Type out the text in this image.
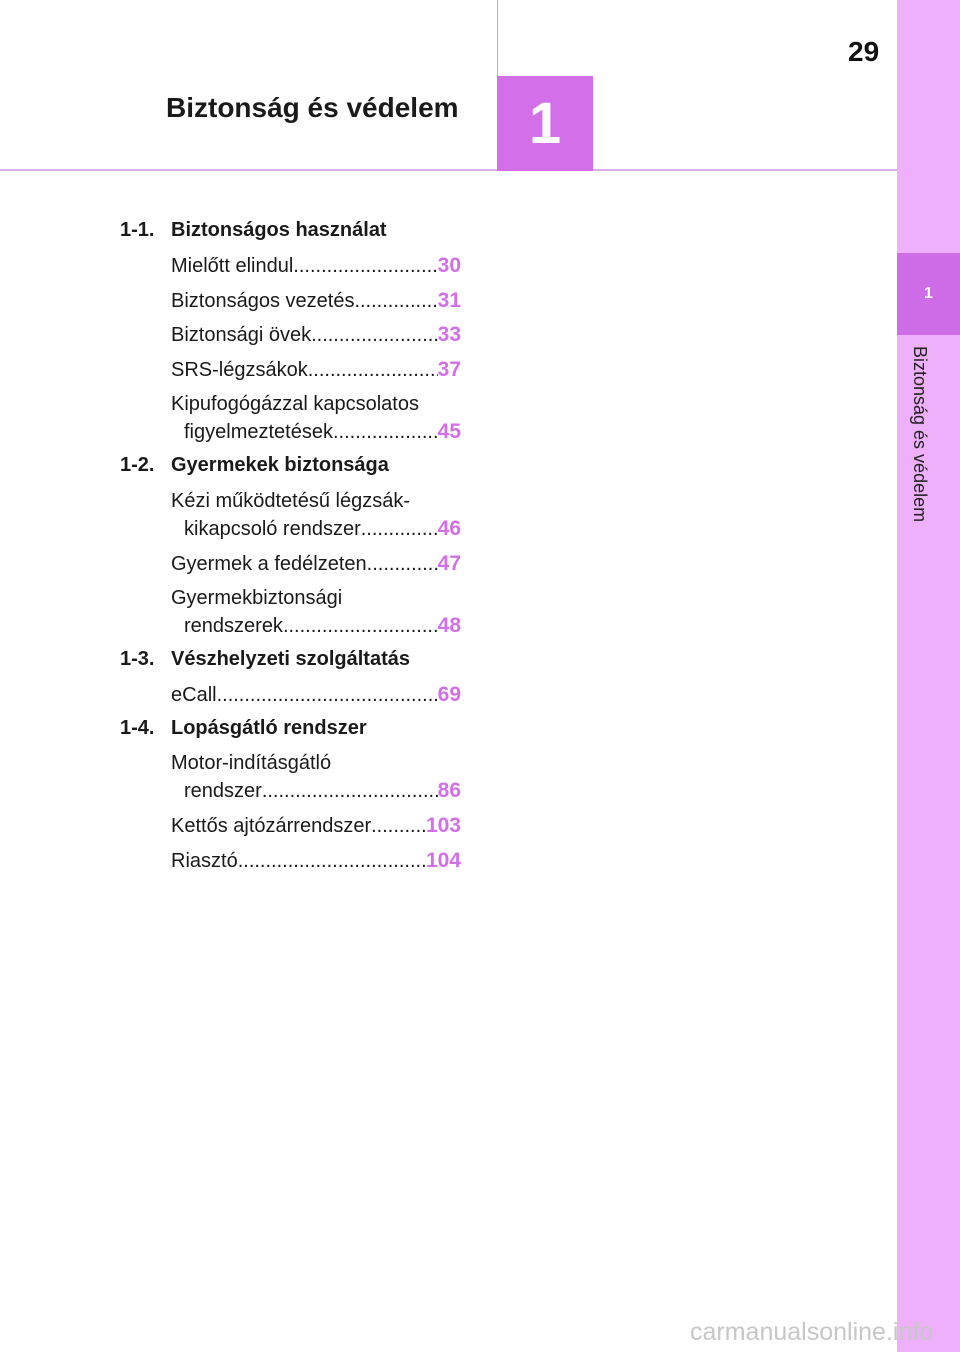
Biztonság és védelem	1
29
1
Biztonság és védelem
1-1. Biztonságos használat
Mielőtt elindul .....	30
Biztonságos vezetés .....	31
Biztonsági övek .....	33
SRS-légzsákok .....	37
Kipufogógázzal kapcsolatos
figyelmeztetések .....	45
1-2. Gyermekek biztonsága
Kézi működtetésű légzsák-
kikapcsoló rendszer .....	46
Gyermek a fedélzeten .....	47
Gyermekbiztonsági
rendszerek .....	48
1-3. Vészhelyzeti szolgáltatás
eCall .....	69
1-4. Lopásgátló rendszer
Motor-indításgátló
rendszer .....	86
Kettős ajtózárrendszer .....	103
Riasztó .....	104
carmanualsonline.info
